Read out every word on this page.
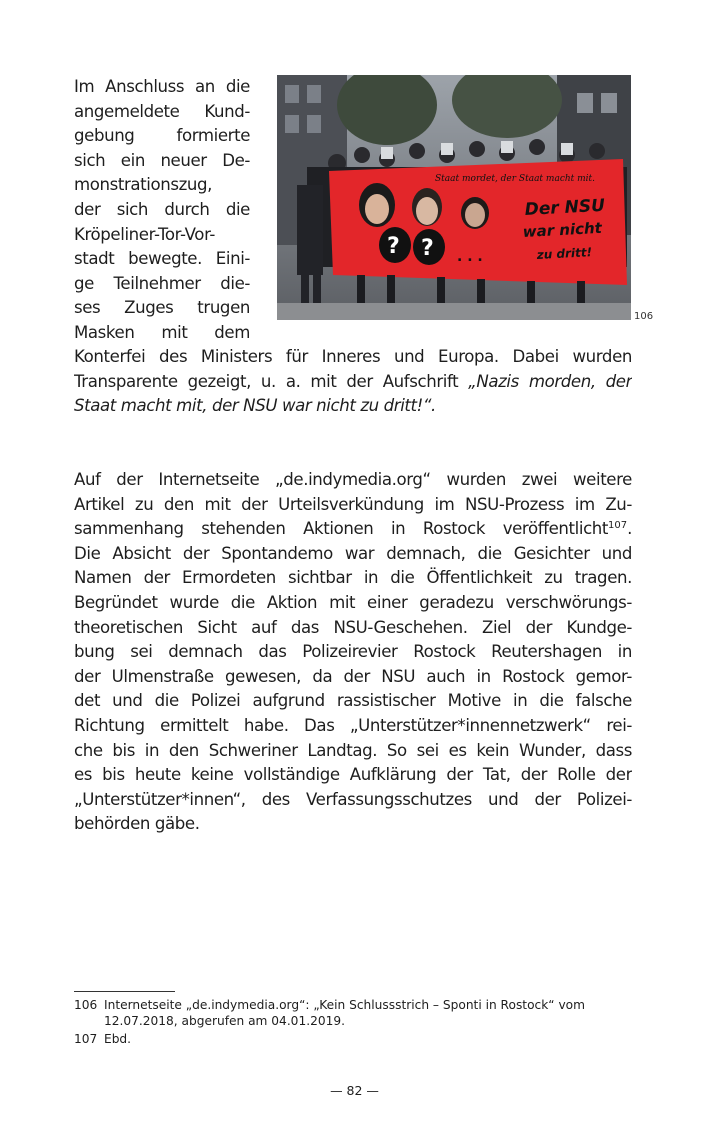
Im Anschluss an die
angemeldete Kund-
gebung formierte
sich ein neuer De-
monstrationszug,
der sich durch die
Kröpeliner-Tor-Vor-
stadt bewegte. Eini-
ge Teilnehmer die-
ses Zuges trugen
Masken mit dem
Staat mordet, der Staat macht mit.
? ? . . .
Der NSU
war nicht
zu dritt!
106
Konterfei des Ministers für Inneres und Europa. Dabei wurden
Transparente gezeigt, u. a. mit der Aufschrift „Nazis morden, der
Staat macht mit, der NSU war nicht zu dritt!“.
Auf der Internetseite „de.indymedia.org“ wurden zwei weitere
Artikel zu den mit der Urteilsverkündung im NSU-Prozess im Zu-
sammenhang stehenden Aktionen in Rostock veröffentlicht$^{107}$.
Die Absicht der Spontandemo war demnach, die Gesichter und
Namen der Ermordeten sichtbar in die Öffentlichkeit zu tragen.
Begründet wurde die Aktion mit einer geradezu verschwörungs-
theoretischen Sicht auf das NSU-Geschehen. Ziel der Kundge-
bung sei demnach das Polizeirevier Rostock Reutershagen in
der Ulmenstraße gewesen, da der NSU auch in Rostock gemor-
det und die Polizei aufgrund rassistischer Motive in die falsche
Richtung ermittelt habe. Das „Unterstützer*innennetzwerk“ rei-
che bis in den Schweriner Landtag. So sei es kein Wunder, dass
es bis heute keine vollständige Aufklärung der Tat, der Rolle der
„Unterstützer*innen“, des Verfassungsschutzes und der Polizei-
behörden gäbe.
106 Internetseite „de.indymedia.org“: „Kein Schlussstrich – Sponti in Rostock“ vom
12.07.2018, abgerufen am 04.01.2019.
107 Ebd.
— 82 —
